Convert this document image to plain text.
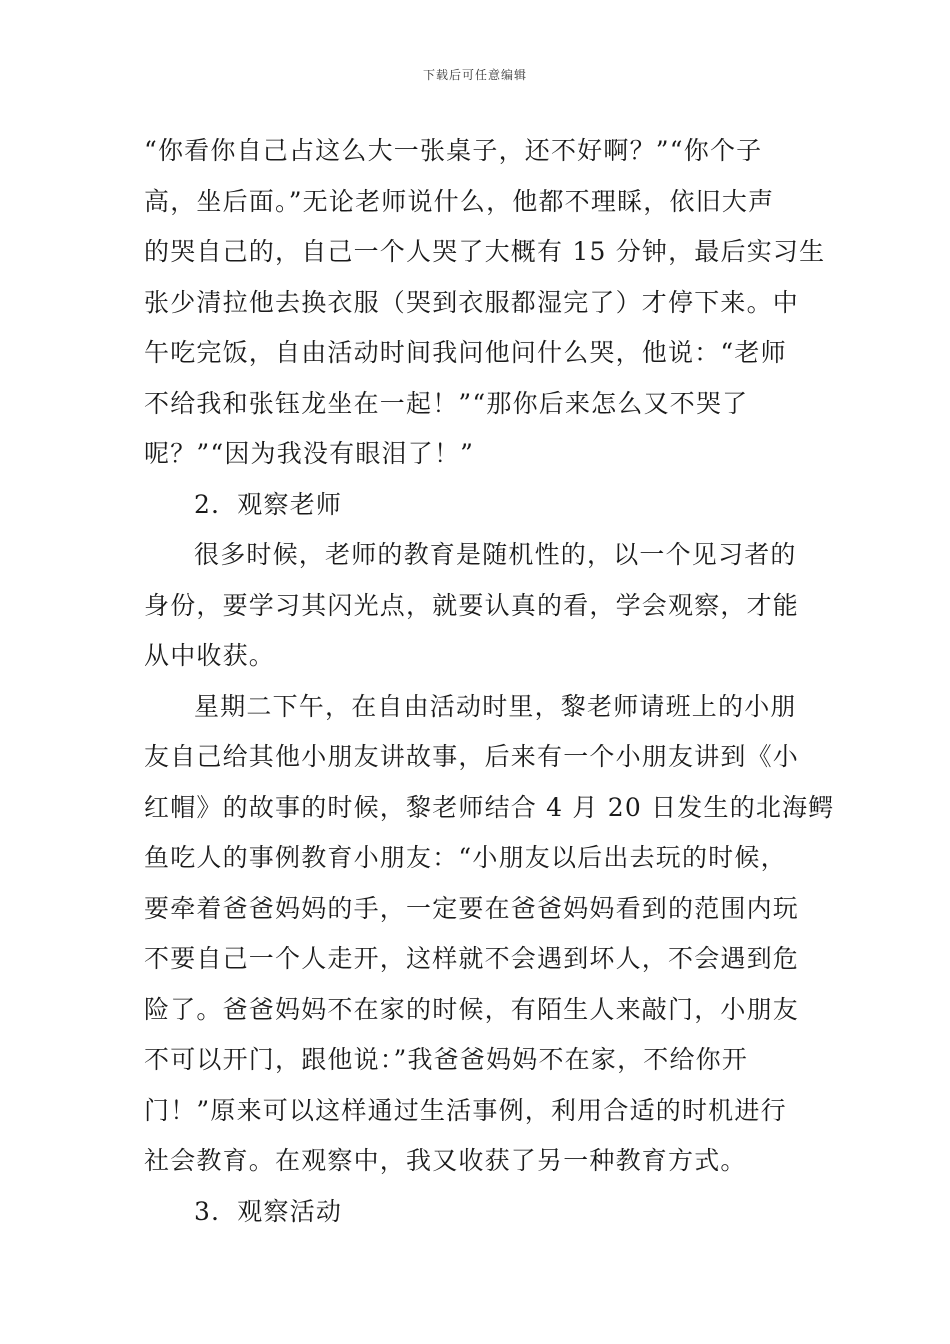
下载后可任意编辑
“你看你自己占这么大一张桌子，还不好啊？”“你个子
高，坐后面。”无论老师说什么，他都不理睬，依旧大声
的哭自己的，自己一个人哭了大概有 15 分钟，最后实习生
张少清拉他去换衣服（哭到衣服都湿完了）才停下来。中
午吃完饭，自由活动时间我问他问什么哭，他说：“老师
不给我和张钰龙坐在一起！”“那你后来怎么又不哭了
呢？”“因为我没有眼泪了！”
2．观察老师
很多时候，老师的教育是随机性的，以一个见习者的
身份，要学习其闪光点，就要认真的看，学会观察，才能
从中收获。
星期二下午，在自由活动时里，黎老师请班上的小朋
友自己给其他小朋友讲故事，后来有一个小朋友讲到《小
红帽》的故事的时候，黎老师结合 4 月 20 日发生的北海鳄
鱼吃人的事例教育小朋友：“小朋友以后出去玩的时候，
要牵着爸爸妈妈的手，一定要在爸爸妈妈看到的范围内玩
不要自己一个人走开，这样就不会遇到坏人，不会遇到危
险了。爸爸妈妈不在家的时候，有陌生人来敲门，小朋友
不可以开门，跟他说：”我爸爸妈妈不在家，不给你开
门！”原来可以这样通过生活事例，利用合适的时机进行
社会教育。在观察中，我又收获了另一种教育方式。
3．观察活动
